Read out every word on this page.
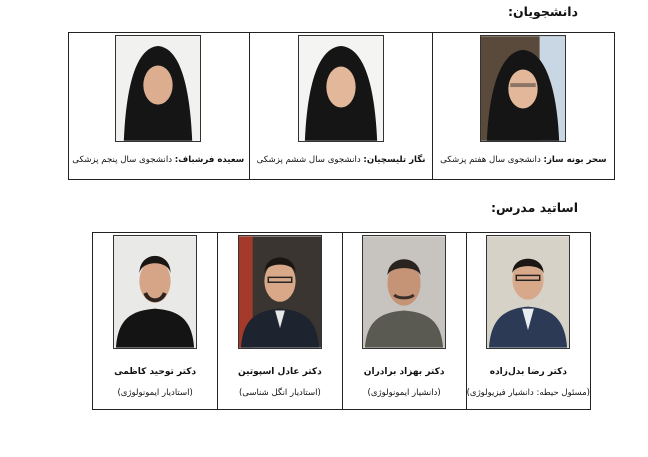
دانشجویان:
سحر بونه ساز: دانشجوی سال هفتم پزشکی
نگار تلیسچیان: دانشجوی سال ششم پزشکی
سعیده فرشباف: دانشجوی سال پنجم پزشکی
اساتید مدرس:
دکتر رضا بدل‌زاده
(مسئول حیطه: دانشیار فیزیولوژی)
دکتر بهزاد برادران
(دانشیار ایمونولوژی)
دکتر عادل اسپوتین
(استادیار انگل شناسی)
دکتر توحید کاظمی
(استادیار ایمونولوژی)
